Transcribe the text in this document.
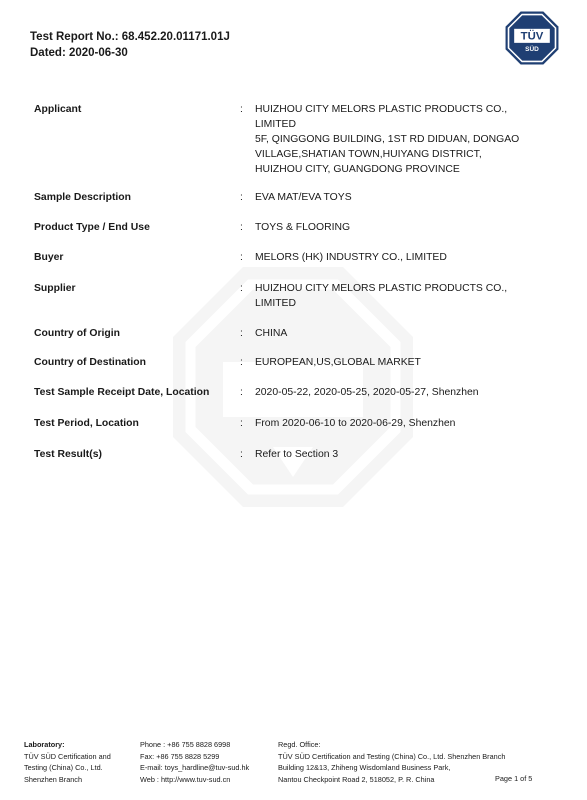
Test Report No.: 68.452.20.01171.01J
Dated: 2020-06-30
TÜV
SÜD
Applicant	: HUIZHOU CITY MELORS PLASTIC PRODUCTS CO.,
LIMITED
5F, QINGGONG BUILDING, 1ST RD DIDUAN, DONGAO
VILLAGE,SHATIAN TOWN,HUIYANG DISTRICT,
HUIZHOU CITY, GUANGDONG PROVINCE
Sample Description	: EVA MAT/EVA TOYS
Product Type / End Use	: TOYS & FLOORING
Buyer	: MELORS (HK) INDUSTRY CO., LIMITED
Supplier	: HUIZHOU CITY MELORS PLASTIC PRODUCTS CO.,
LIMITED
Country of Origin	: CHINA
Country of Destination	: EUROPEAN,US,GLOBAL MARKET
Test Sample Receipt Date, Location	: 2020-05-22, 2020-05-25, 2020-05-27, Shenzhen
Test Period, Location	: From 2020-06-10 to 2020-06-29, Shenzhen
Test Result(s)	: Refer to Section 3
Laboratory:
TÜV SÜD Certification and
Testing (China) Co., Ltd.
Shenzhen Branch
Phone : +86 755 8828 6998
Fax: +86 755 8828 5299
E-mail: toys_hardline@tuv-sud.hk
Web : http://www.tuv-sud.cn
Regd. Office:
TÜV SÜD Certification and Testing (China) Co., Ltd. Shenzhen Branch
Building 12&13, Zhiheng Wisdomland Business Park,
Nantou Checkpoint Road 2, 518052, P. R. China	Page 1 of 5
